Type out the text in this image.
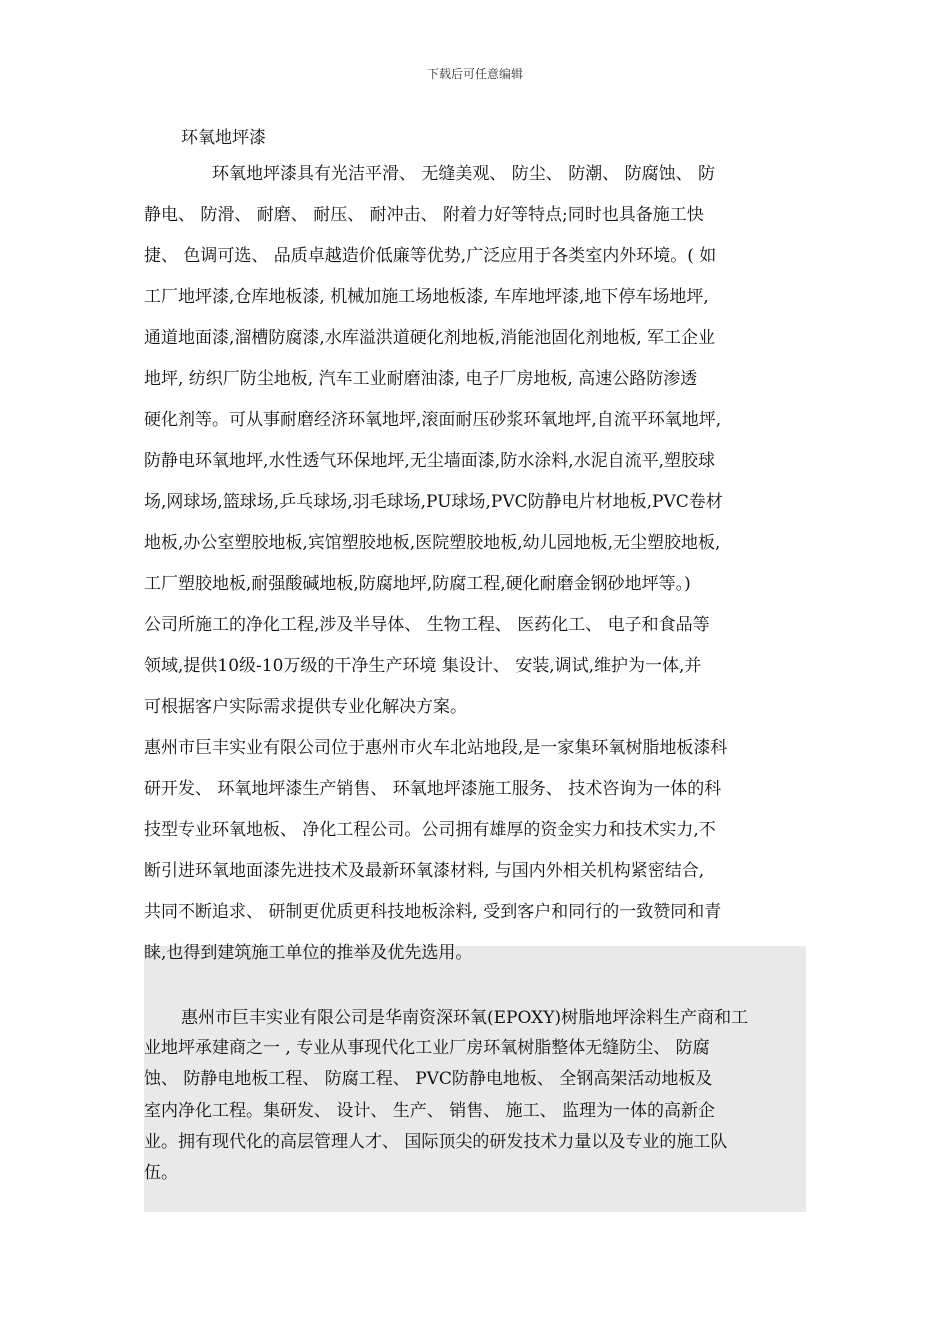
下载后可任意编辑
环氧地坪漆
环氧地坪漆具有光洁平滑、 无缝美观、 防尘、 防潮、 防腐蚀、 防
静电、 防滑、 耐磨、 耐压、 耐冲击、 附着力好等特点;同时也具备施工快
捷、 色调可选、 品质卓越造价低廉等优势,广泛应用于各类室内外环境。( 如
工厂地坪漆,仓库地板漆, 机械加施工场地板漆, 车库地坪漆,地下停车场地坪,
通道地面漆,溜槽防腐漆,水库溢洪道硬化剂地板,消能池固化剂地板, 军工企业
地坪, 纺织厂防尘地板, 汽车工业耐磨油漆, 电子厂房地板, 高速公路防渗透
硬化剂等。可从事耐磨经济环氧地坪,滚面耐压砂浆环氧地坪,自流平环氧地坪,
防静电环氧地坪,水性透气环保地坪,无尘墙面漆,防水涂料,水泥自流平,塑胶球
场,网球场,篮球场,乒乓球场,羽毛球场,PU球场,PVC防静电片材地板,PVC卷材
地板,办公室塑胶地板,宾馆塑胶地板,医院塑胶地板,幼儿园地板,无尘塑胶地板,
工厂塑胶地板,耐强酸碱地板,防腐地坪,防腐工程,硬化耐磨金钢砂地坪等。)
公司所施工的净化工程,涉及半导体、 生物工程、 医药化工、 电子和食品等
领域,提供10级-10万级的干净生产环境 集设计、 安装,调试,维护为一体,并
可根据客户实际需求提供专业化解决方案。
惠州市巨丰实业有限公司位于惠州市火车北站地段,是一家集环氧树脂地板漆科
研开发、 环氧地坪漆生产销售、 环氧地坪漆施工服务、 技术咨询为一体的科
技型专业环氧地板、 净化工程公司。公司拥有雄厚的资金实力和技术实力,不
断引进环氧地面漆先进技术及最新环氧漆材料, 与国内外相关机构紧密结合,
共同不断追求、 研制更优质更科技地板涂料, 受到客户和同行的一致赞同和青
睐,也得到建筑施工单位的推举及优先选用。
惠州市巨丰实业有限公司是华南资深环氧(EPOXY)树脂地坪涂料生产商和工
业地坪承建商之一 , 专业从事现代化工业厂房环氧树脂整体无缝防尘、 防腐
蚀、 防静电地板工程、 防腐工程、 PVC防静电地板、 全钢高架活动地板及
室内净化工程。集研发、 设计、 生产、 销售、 施工、 监理为一体的高新企
业。拥有现代化的高层管理人才、 国际顶尖的研发技术力量以及专业的施工队
伍。
